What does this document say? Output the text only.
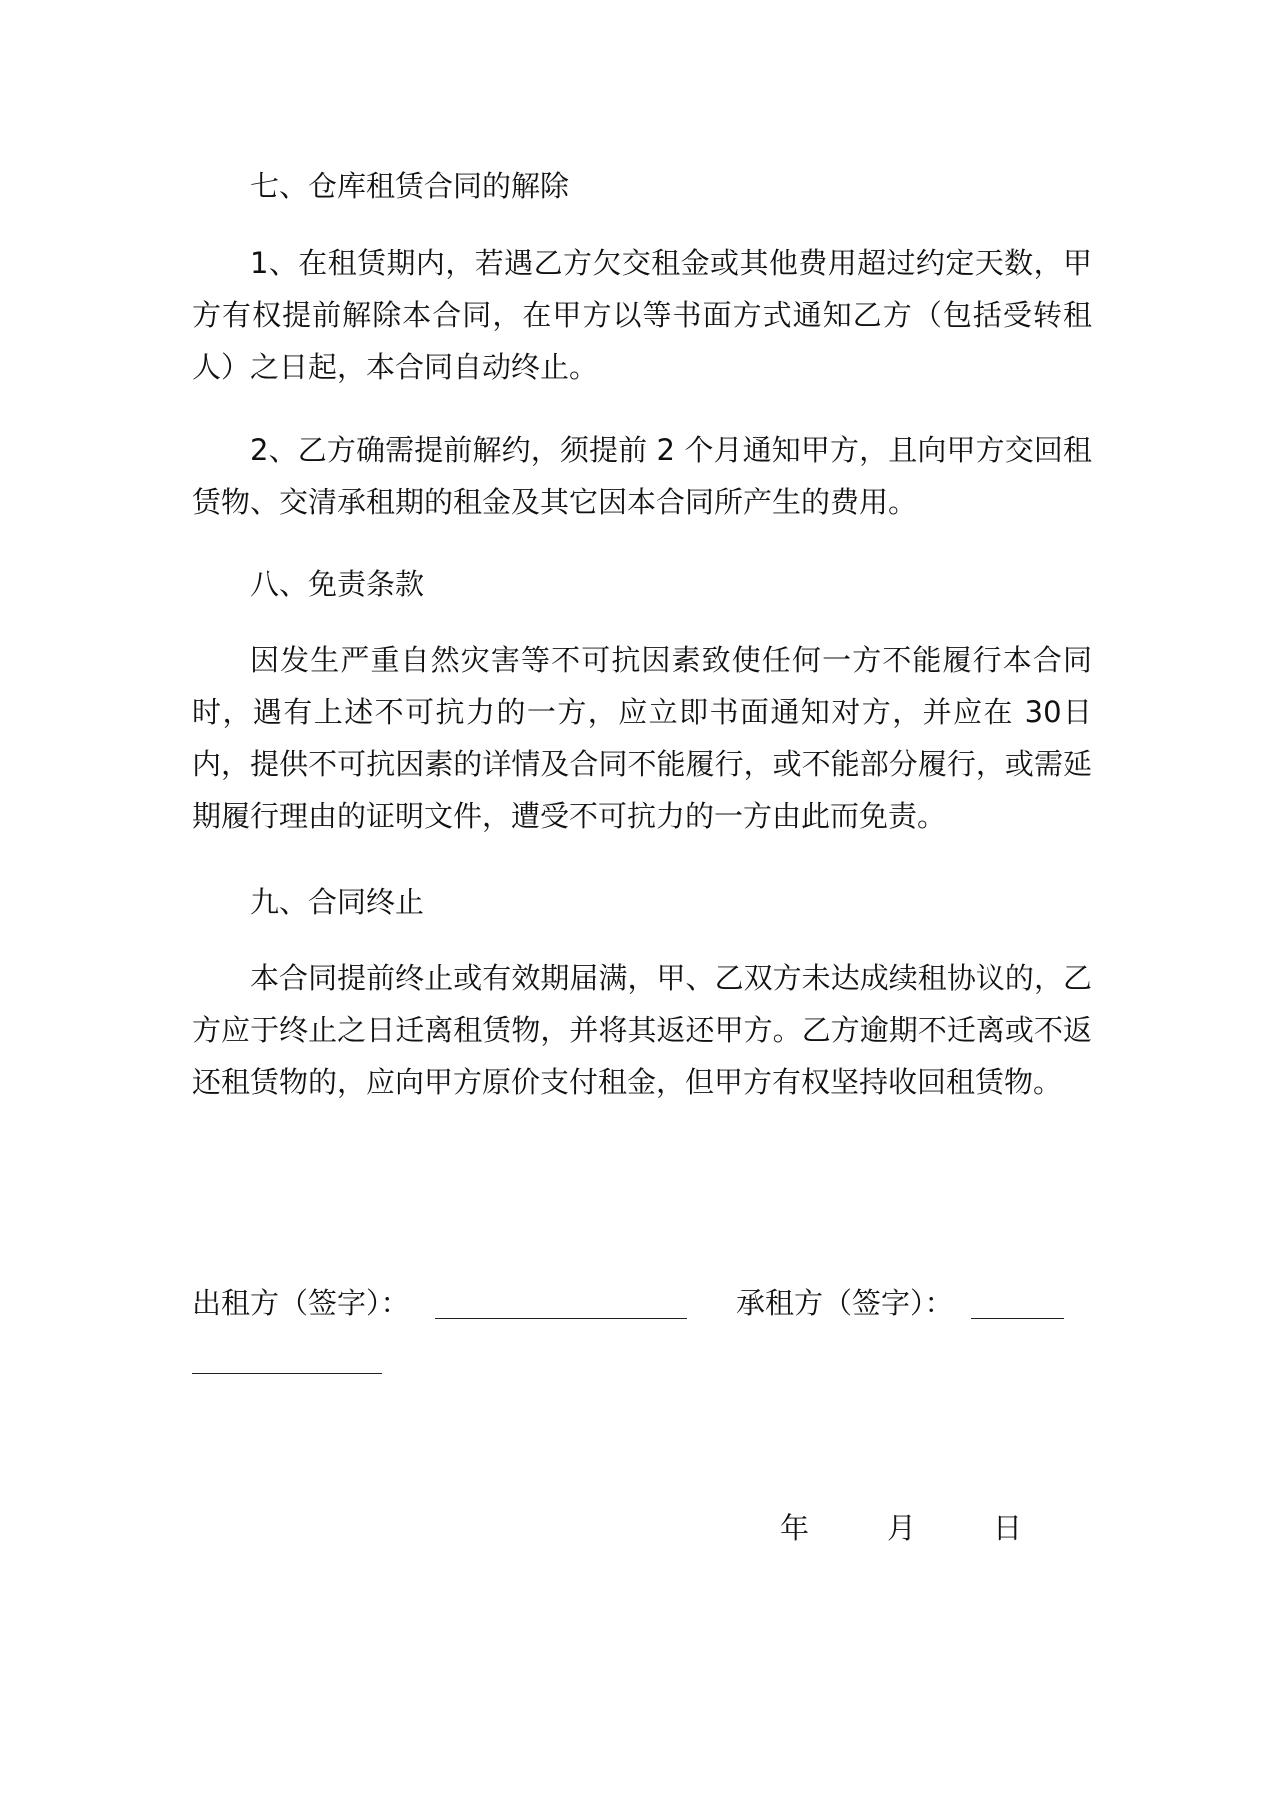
七、仓库租赁合同的解除

1、在租赁期内，若遇乙方欠交租金或其他费用超过约定天数，甲方有权提前解除本合同，在甲方以等书面方式通知乙方（包括受转租人）之日起，本合同自动终止。

2、乙方确需提前解约，须提前 2 个月通知甲方，且向甲方交回租赁物、交清承租期的租金及其它因本合同所产生的费用。

八、免责条款

因发生严重自然灾害等不可抗因素致使任何一方不能履行本合同时，遇有上述不可抗力的一方，应立即书面通知对方，并应在 30日内，提供不可抗因素的详情及合同不能履行，或不能部分履行，或需延期履行理由的证明文件，遭受不可抗力的一方由此而免责。

九、合同终止

本合同提前终止或有效期届满，甲、乙双方未达成续租协议的，乙方应于终止之日迁离租赁物，并将其返还甲方。乙方逾期不迁离或不返还租赁物的，应向甲方原价支付租金，但甲方有权坚持收回租赁物。

出租方（签字）：	承租方（签字）：
年	月	日
